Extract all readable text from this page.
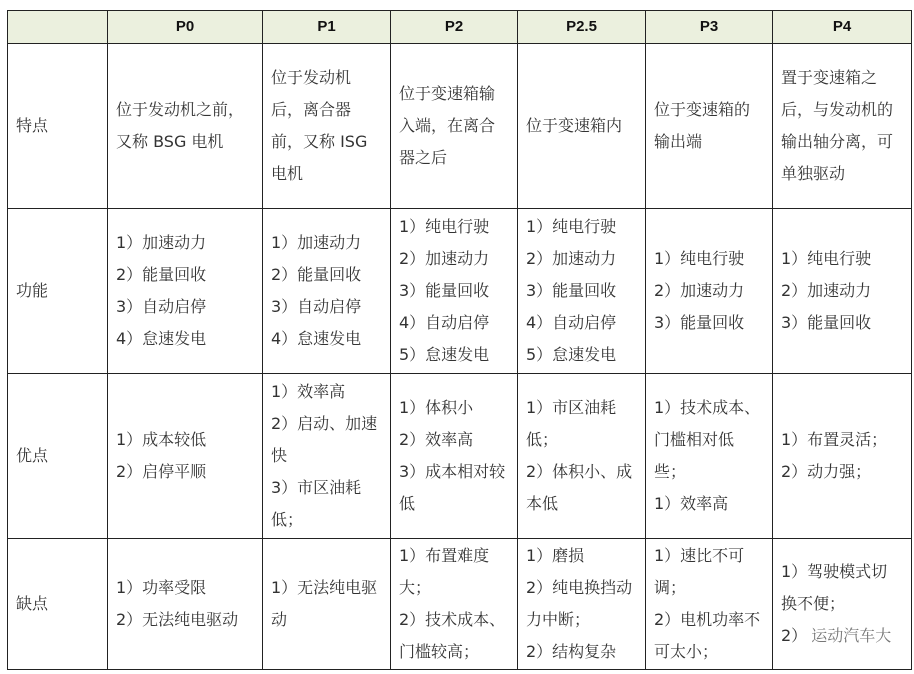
	P0	P1	P2	P2.5	P3	P4
特点	位于发动机之前，又称 BSG 电机	位于发动机后，离合器前，又称 ISG 电机	位于变速箱输入端，在离合器之后	位于变速箱内	位于变速箱的输出端	置于变速箱之后，与发动机的输出轴分离，可单独驱动

功能	1）加速动力
2）能量回收
3）自动启停
4）怠速发电	1）加速动力
2）能量回收
3）自动启停
4）怠速发电	1）纯电行驶
2）加速动力
3）能量回收
4）自动启停
5）怠速发电	1）纯电行驶
2）加速动力
3）能量回收
4）自动启停
5）怠速发电	1）纯电行驶
2）加速动力
3）能量回收	1）纯电行驶
2）加速动力
3）能量回收

优点	1）成本较低
2）启停平顺	1）效率高
2）启动、加速快
3）市区油耗低；	1）体积小
2）效率高
3）成本相对较低	1）市区油耗低；
2）体积小、成本低	1）技术成本、门槛相对低些；
1）效率高	1）布置灵活；
2）动力强；

缺点	1）功率受限
2）无法纯电驱动	1）无法纯电驱动	1）布置难度大；
2）技术成本、门槛较高；	1）磨损
2）纯电换挡动力中断；
2）结构复杂	1）速比不可调；
2）电机功率不可太小；	1）驾驶模式切换不便；
2） 运动汽车大
